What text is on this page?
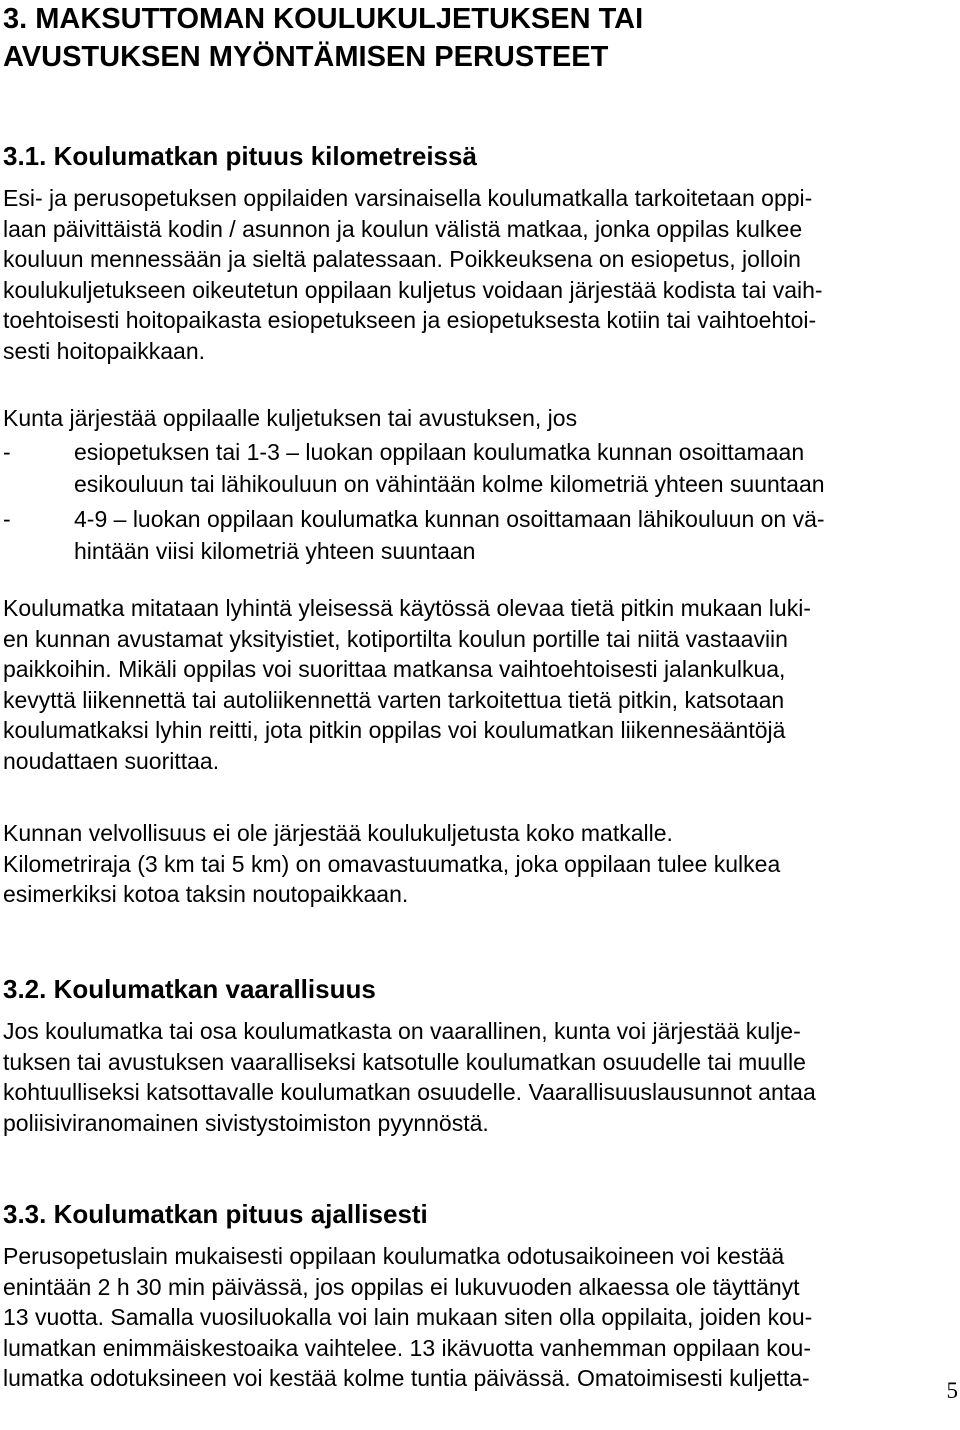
3. MAKSUTTOMAN KOULUKULJETUKSEN TAI
AVUSTUKSEN MYÖNTÄMISEN PERUSTEET
3.1. Koulumatkan pituus kilometreissä
Esi- ja perusopetuksen oppilaiden varsinaisella koulumatkalla tarkoitetaan oppi-
laan päivittäistä kodin / asunnon ja koulun välistä matkaa, jonka oppilas kulkee
kouluun mennessään ja sieltä palatessaan. Poikkeuksena on esiopetus, jolloin
koulukuljetukseen oikeutetun oppilaan kuljetus voidaan järjestää kodista tai vaih-
toehtoisesti hoitopaikasta esiopetukseen ja esiopetuksesta kotiin tai vaihtoehtoi-
sesti hoitopaikkaan.
Kunta järjestää oppilaalle kuljetuksen tai avustuksen, jos
-	esiopetuksen tai 1-3 – luokan oppilaan koulumatka kunnan osoittamaan
esikouluun tai lähikouluun on vähintään kolme kilometriä yhteen suuntaan
-	4-9 – luokan oppilaan koulumatka kunnan osoittamaan lähikouluun on vä-
hintään viisi kilometriä yhteen suuntaan
Koulumatka mitataan lyhintä yleisessä käytössä olevaa tietä pitkin mukaan luki-
en kunnan avustamat yksityistiet, kotiportilta koulun portille tai niitä vastaaviin
paikkoihin. Mikäli oppilas voi suorittaa matkansa vaihtoehtoisesti jalankulkua,
kevyttä liikennettä tai autoliikennettä varten tarkoitettua tietä pitkin, katsotaan
koulumatkaksi lyhin reitti, jota pitkin oppilas voi koulumatkan liikennesääntöjä
noudattaen suorittaa.
Kunnan velvollisuus ei ole järjestää koulukuljetusta koko matkalle.
Kilometriraja (3 km tai 5 km) on omavastuumatka, joka oppilaan tulee kulkea
esimerkiksi kotoa taksin noutopaikkaan.
3.2. Koulumatkan vaarallisuus
Jos koulumatka tai osa koulumatkasta on vaarallinen, kunta voi järjestää kulje-
tuksen tai avustuksen vaaralliseksi katsotulle koulumatkan osuudelle tai muulle
kohtuulliseksi katsottavalle koulumatkan osuudelle. Vaarallisuuslausunnot antaa
poliisiviranomainen sivistystoimiston pyynnöstä.
3.3. Koulumatkan pituus ajallisesti
Perusopetuslain mukaisesti oppilaan koulumatka odotusaikoineen voi kestää
enintään 2 h 30 min päivässä, jos oppilas ei lukuvuoden alkaessa ole täyttänyt
13 vuotta. Samalla vuosiluokalla voi lain mukaan siten olla oppilaita, joiden kou-
lumatkan enimmäiskestoaika vaihtelee. 13 ikävuotta vanhemman oppilaan kou-
lumatka odotuksineen voi kestää kolme tuntia päivässä. Omatoimisesti kuljetta-	5
